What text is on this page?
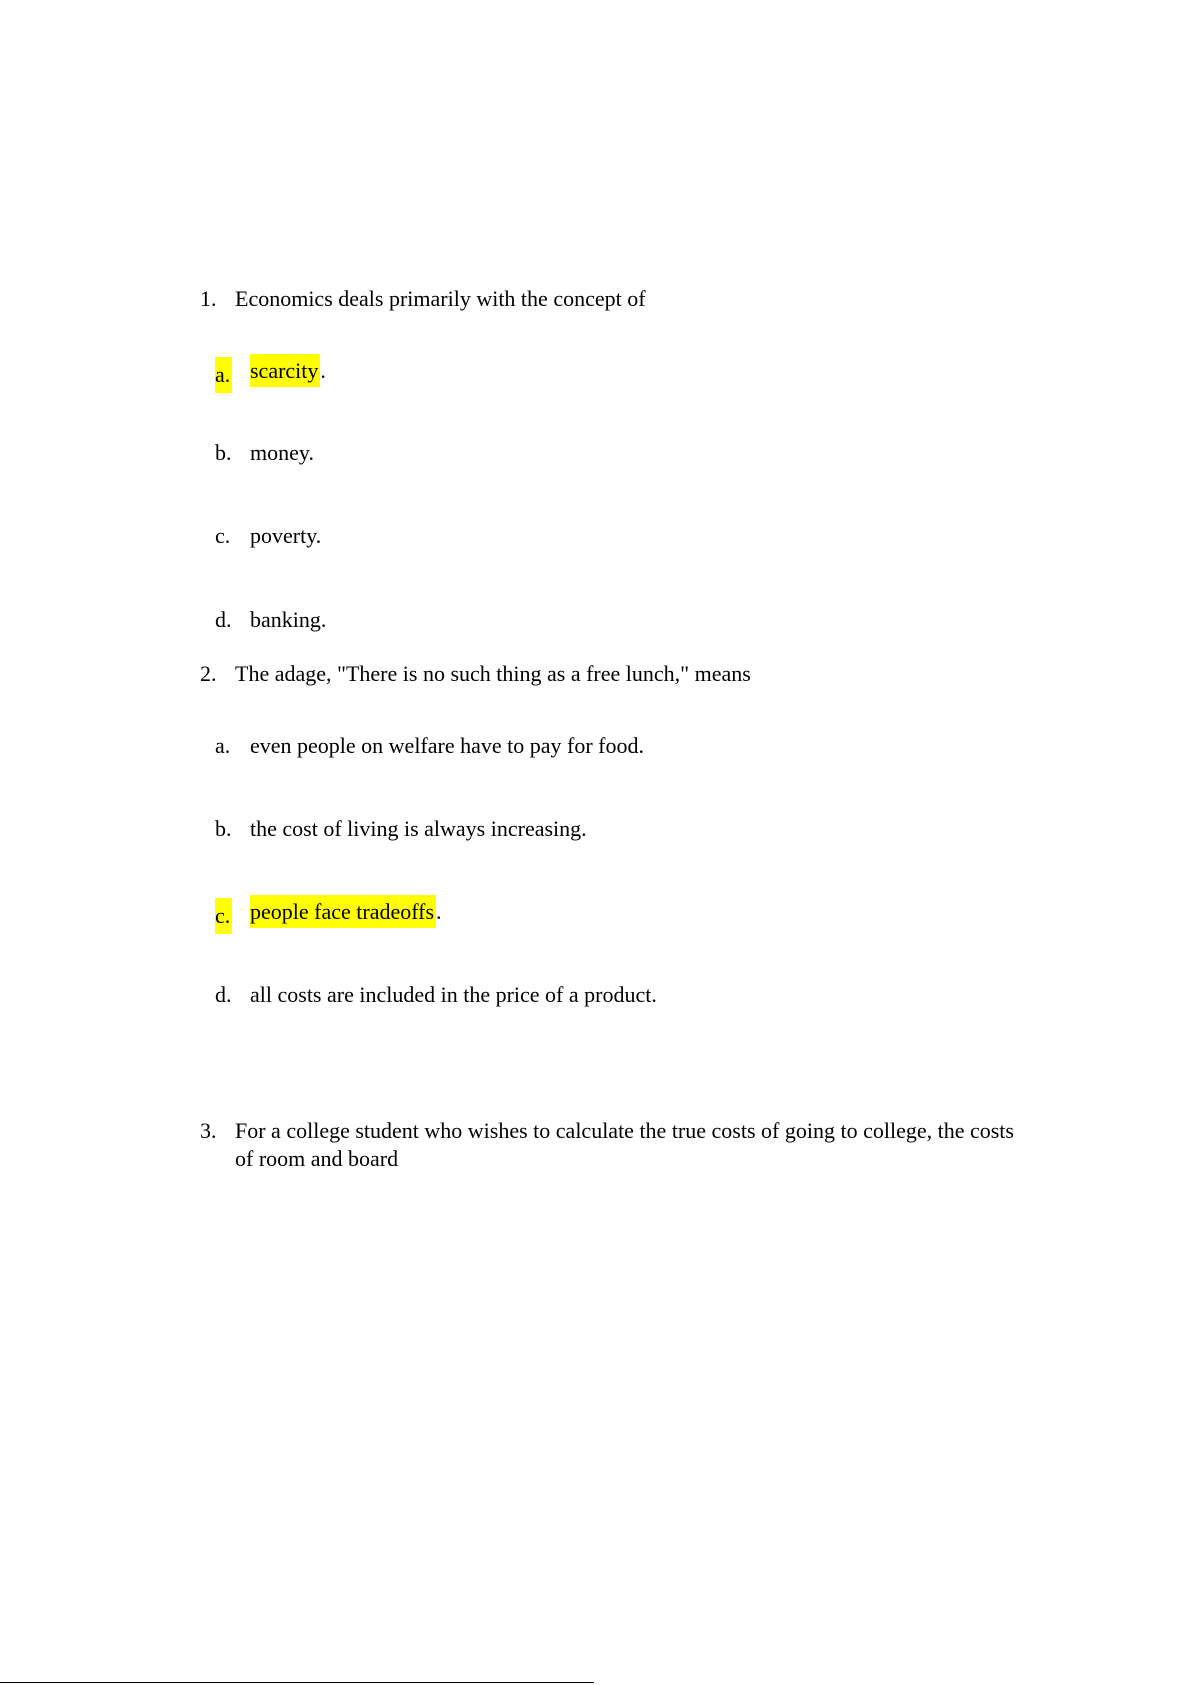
1. Economics deals primarily with the concept of
a. scarcity.
b. money.
c. poverty.
d. banking.
2. The adage, "There is no such thing as a free lunch," means
a. even people on welfare have to pay for food.
b. the cost of living is always increasing.
c. people face tradeoffs.
d. all costs are included in the price of a product.
3. For a college student who wishes to calculate the true costs of going to college, the costs of room and board
